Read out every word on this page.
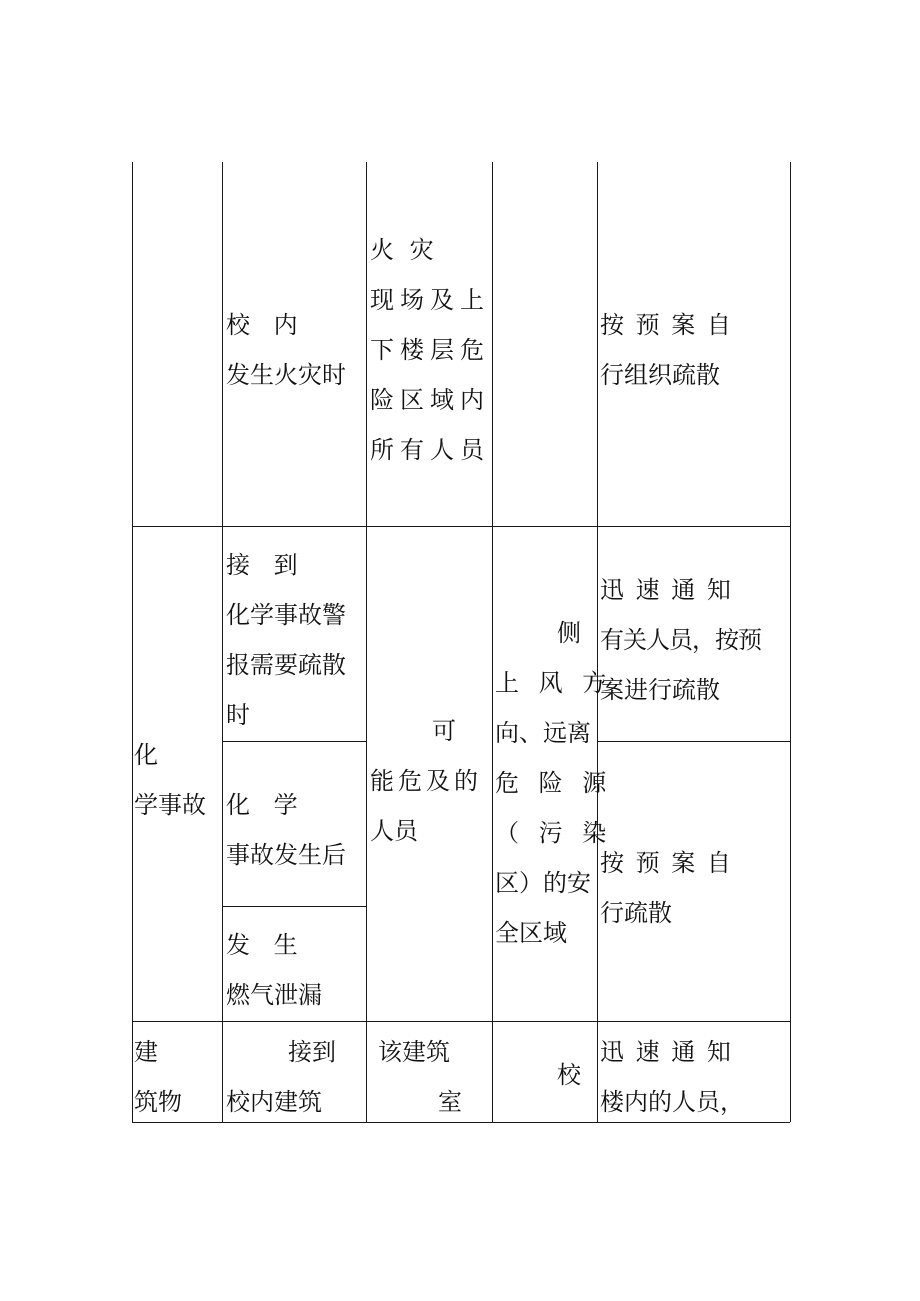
校 内
发生火灾时
火 灾
现场及上
下楼层危
险区域内
所有人员
按 预 案 自
行组织疏散
化
学事故
接 到
化学事故警
报需要疏散
时
化 学
事故发生后
发 生
燃气泄漏
可
能危及的
人员
侧
上 风 方
向、远离
危 险 源
（ 污 染
区）的安
全区域
迅 速 通 知
有关人员，按预
案进行疏散
按 预 案 自
行疏散
建
筑物
接到
校内建筑
该建筑
室
校
迅 速 通 知
楼内的人员，
